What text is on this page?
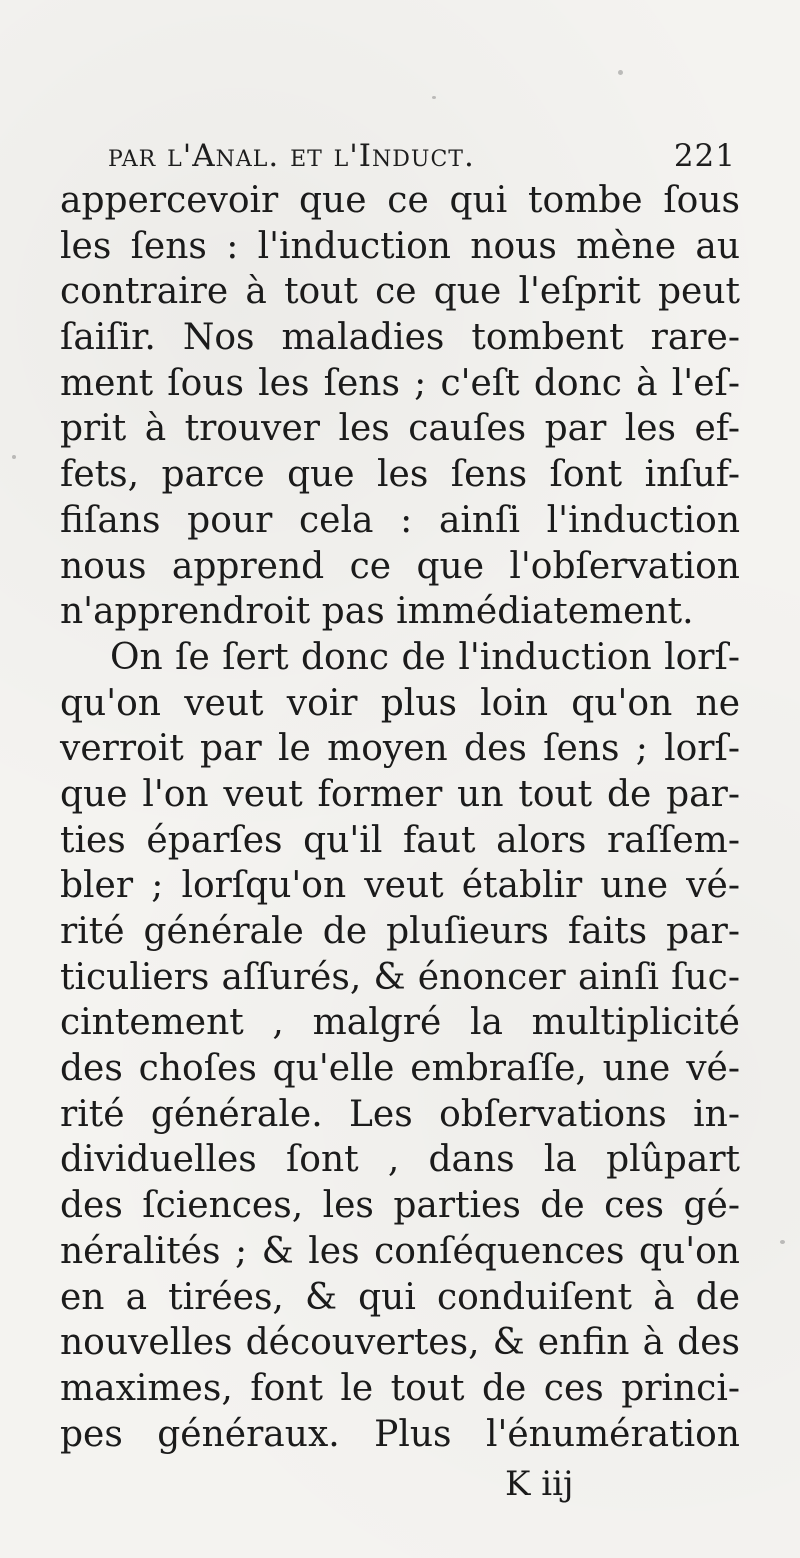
par l'Anal. et l'Induct.	221
appercevoir que ce qui tombe ſous
les ſens : l'induction nous mène au
contraire à tout ce que l'eſprit peut
ſaiſir. Nos maladies tombent rare-
ment ſous les ſens ; c'eſt donc à l'eſ-
prit à trouver les cauſes par les ef-
fets, parce que les ſens ſont inſuf-
fiſans pour cela : ainſi l'induction
nous apprend ce que l'obſervation
n'apprendroit pas immédiatement.
On ſe ſert donc de l'induction lorſ-
qu'on veut voir plus loin qu'on ne
verroit par le moyen des ſens ; lorſ-
que l'on veut former un tout de par-
ties éparſes qu'il faut alors raſſem-
bler ; lorſqu'on veut établir une vé-
rité générale de pluſieurs faits par-
ticuliers aſſurés, & énoncer ainſi ſuc-
cintement , malgré la multiplicité
des choſes qu'elle embraſſe, une vé-
rité générale. Les obſervations in-
dividuelles ſont , dans la plûpart
des ſciences, les parties de ces gé-
néralités ; & les conſéquences qu'on
en a tirées, & qui conduiſent à de
nouvelles découvertes, & enfin à des
maximes, font le tout de ces princi-
pes généraux. Plus l'énumération
K iij
